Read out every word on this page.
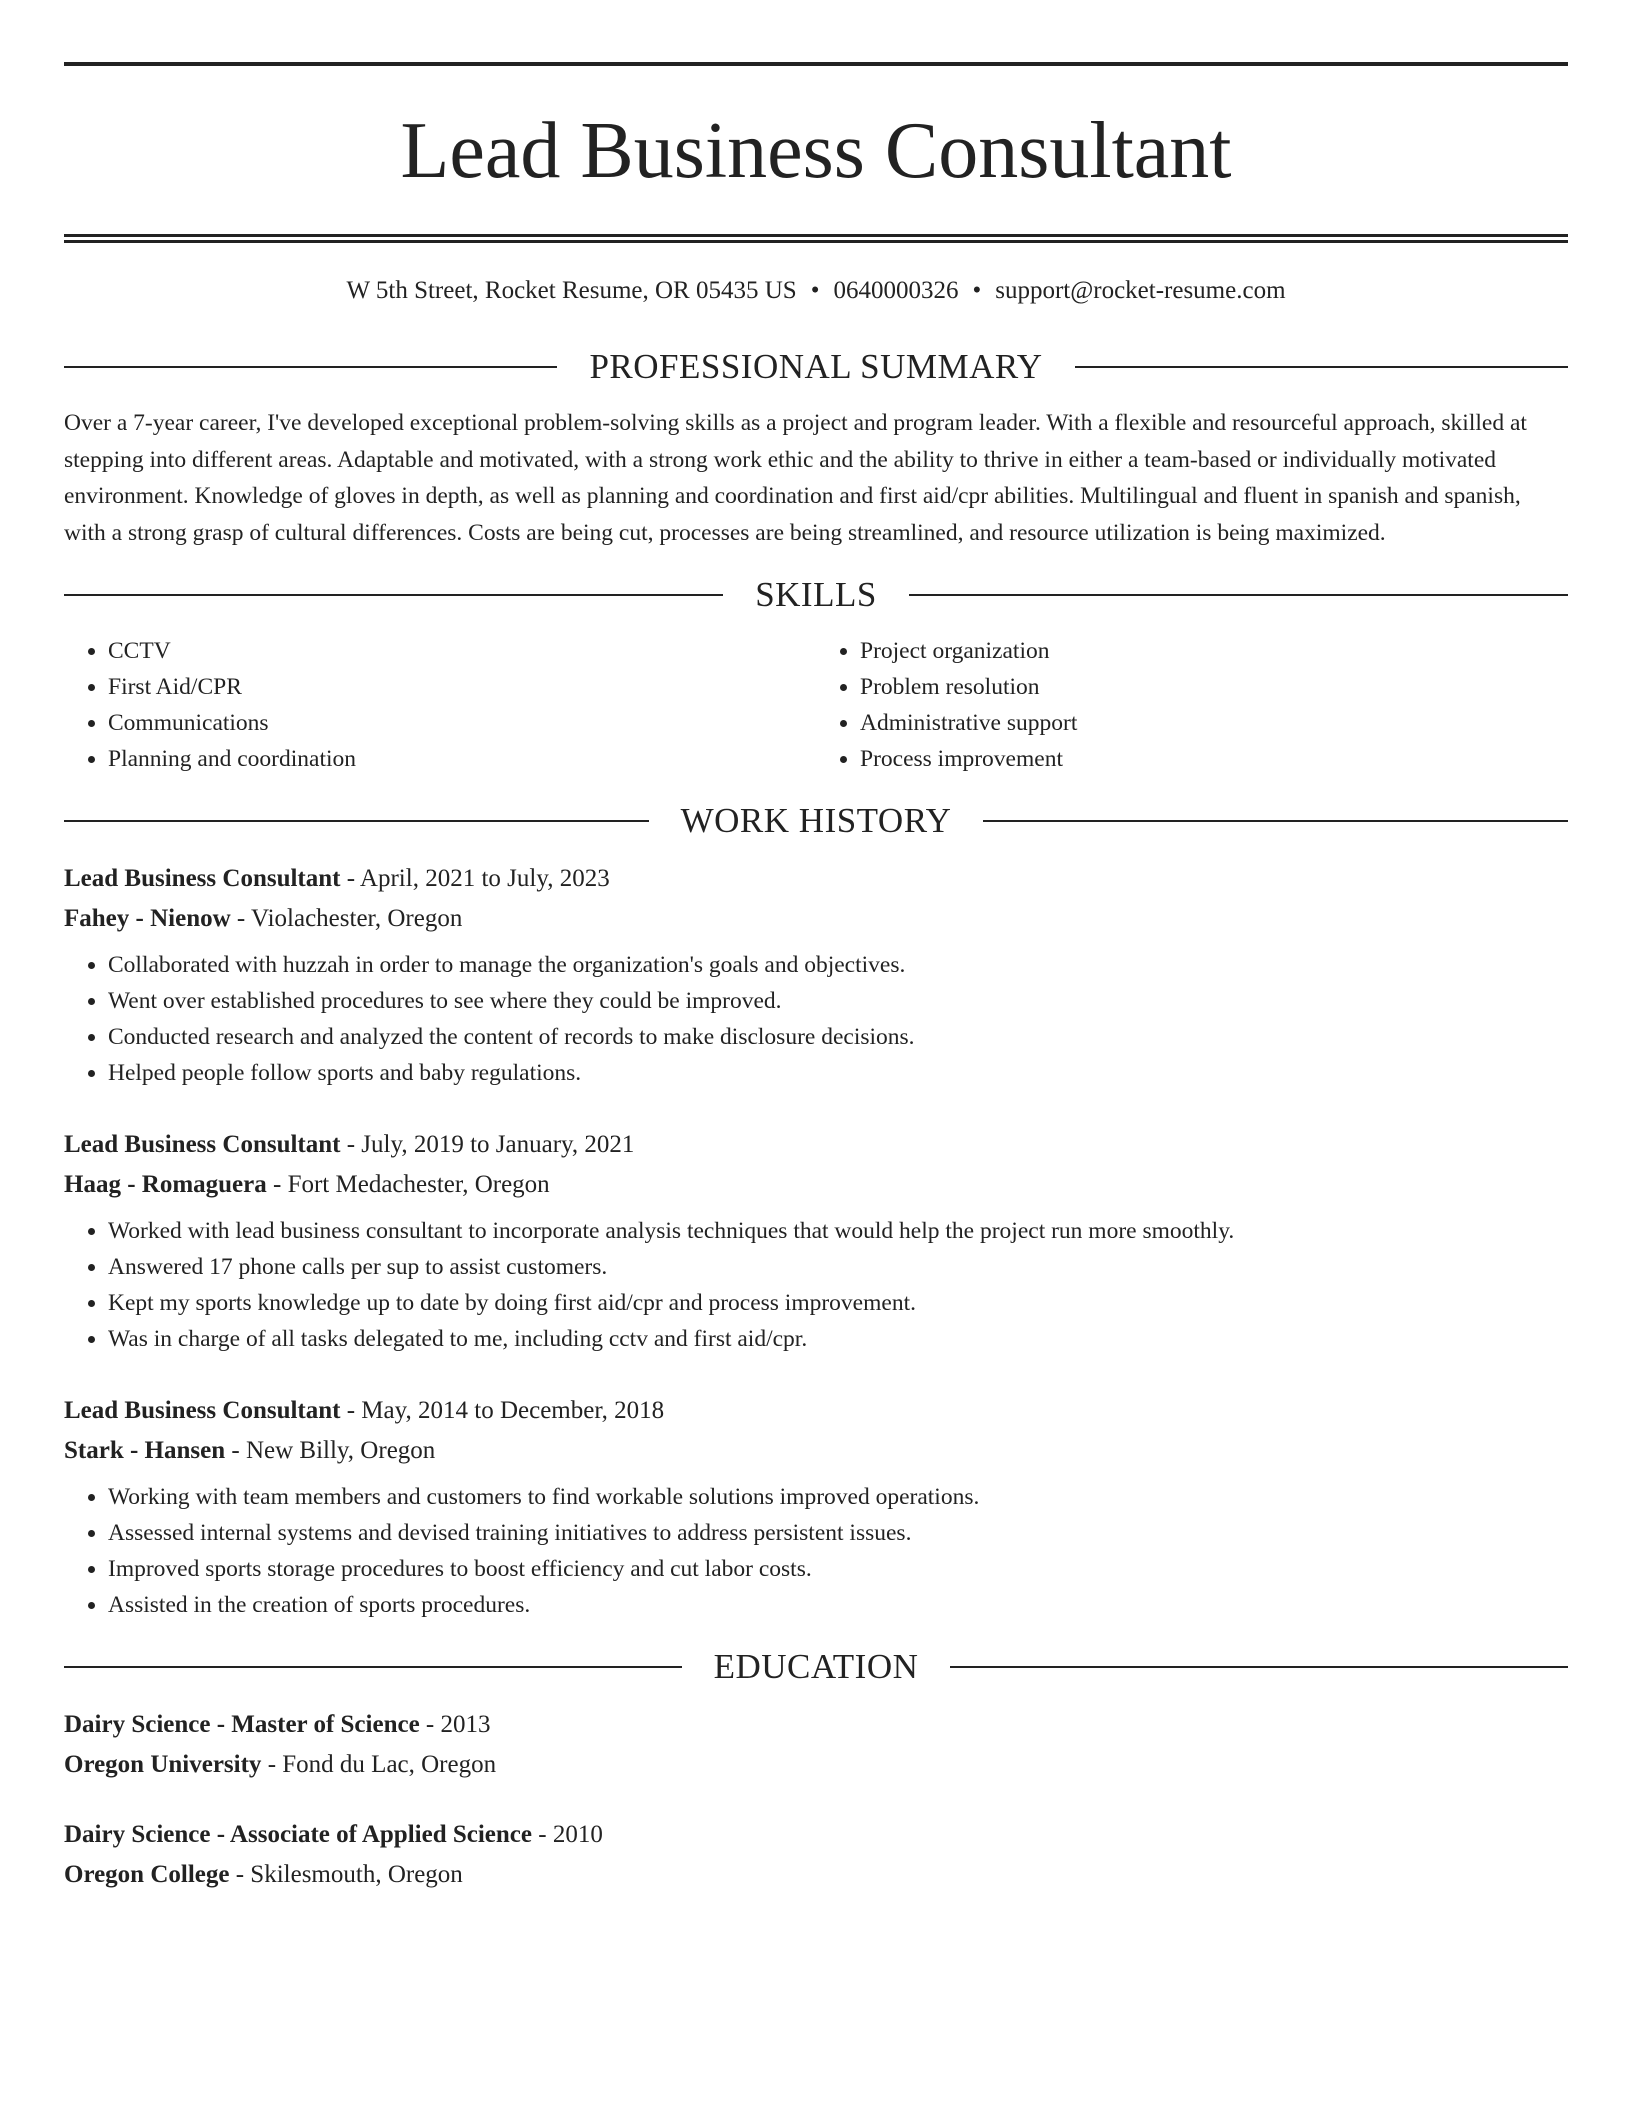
Lead Business Consultant
W 5th Street, Rocket Resume, OR 05435 US • 0640000326 • support@rocket-resume.com
PROFESSIONAL SUMMARY

Over a 7-year career, I've developed exceptional problem-solving skills as a project and program leader. With a flexible and resourceful approach, skilled at stepping into different areas. Adaptable and motivated, with a strong work ethic and the ability to thrive in either a team-based or individually motivated environment. Knowledge of gloves in depth, as well as planning and coordination and first aid/cpr abilities. Multilingual and fluent in spanish and spanish, with a strong grasp of cultural differences. Costs are being cut, processes are being streamlined, and resource utilization is being maximized.

SKILLS
• CCTV
• First Aid/CPR
• Communications
• Planning and coordination
• Project organization
• Problem resolution
• Administrative support
• Process improvement
WORK HISTORY
Lead Business Consultant - April, 2021 to July, 2023
Fahey - Nienow - Violachester, Oregon
• Collaborated with huzzah in order to manage the organization's goals and objectives.
• Went over established procedures to see where they could be improved.
• Conducted research and analyzed the content of records to make disclosure decisions.
• Helped people follow sports and baby regulations.
Lead Business Consultant - July, 2019 to January, 2021
Haag - Romaguera - Fort Medachester, Oregon
• Worked with lead business consultant to incorporate analysis techniques that would help the project run more smoothly.
• Answered 17 phone calls per sup to assist customers.
• Kept my sports knowledge up to date by doing first aid/cpr and process improvement.
• Was in charge of all tasks delegated to me, including cctv and first aid/cpr.
Lead Business Consultant - May, 2014 to December, 2018
Stark - Hansen - New Billy, Oregon
• Working with team members and customers to find workable solutions improved operations.
• Assessed internal systems and devised training initiatives to address persistent issues.
• Improved sports storage procedures to boost efficiency and cut labor costs.
• Assisted in the creation of sports procedures.
EDUCATION
Dairy Science - Master of Science - 2013
Oregon University - Fond du Lac, Oregon
Dairy Science - Associate of Applied Science - 2010
Oregon College - Skilesmouth, Oregon
